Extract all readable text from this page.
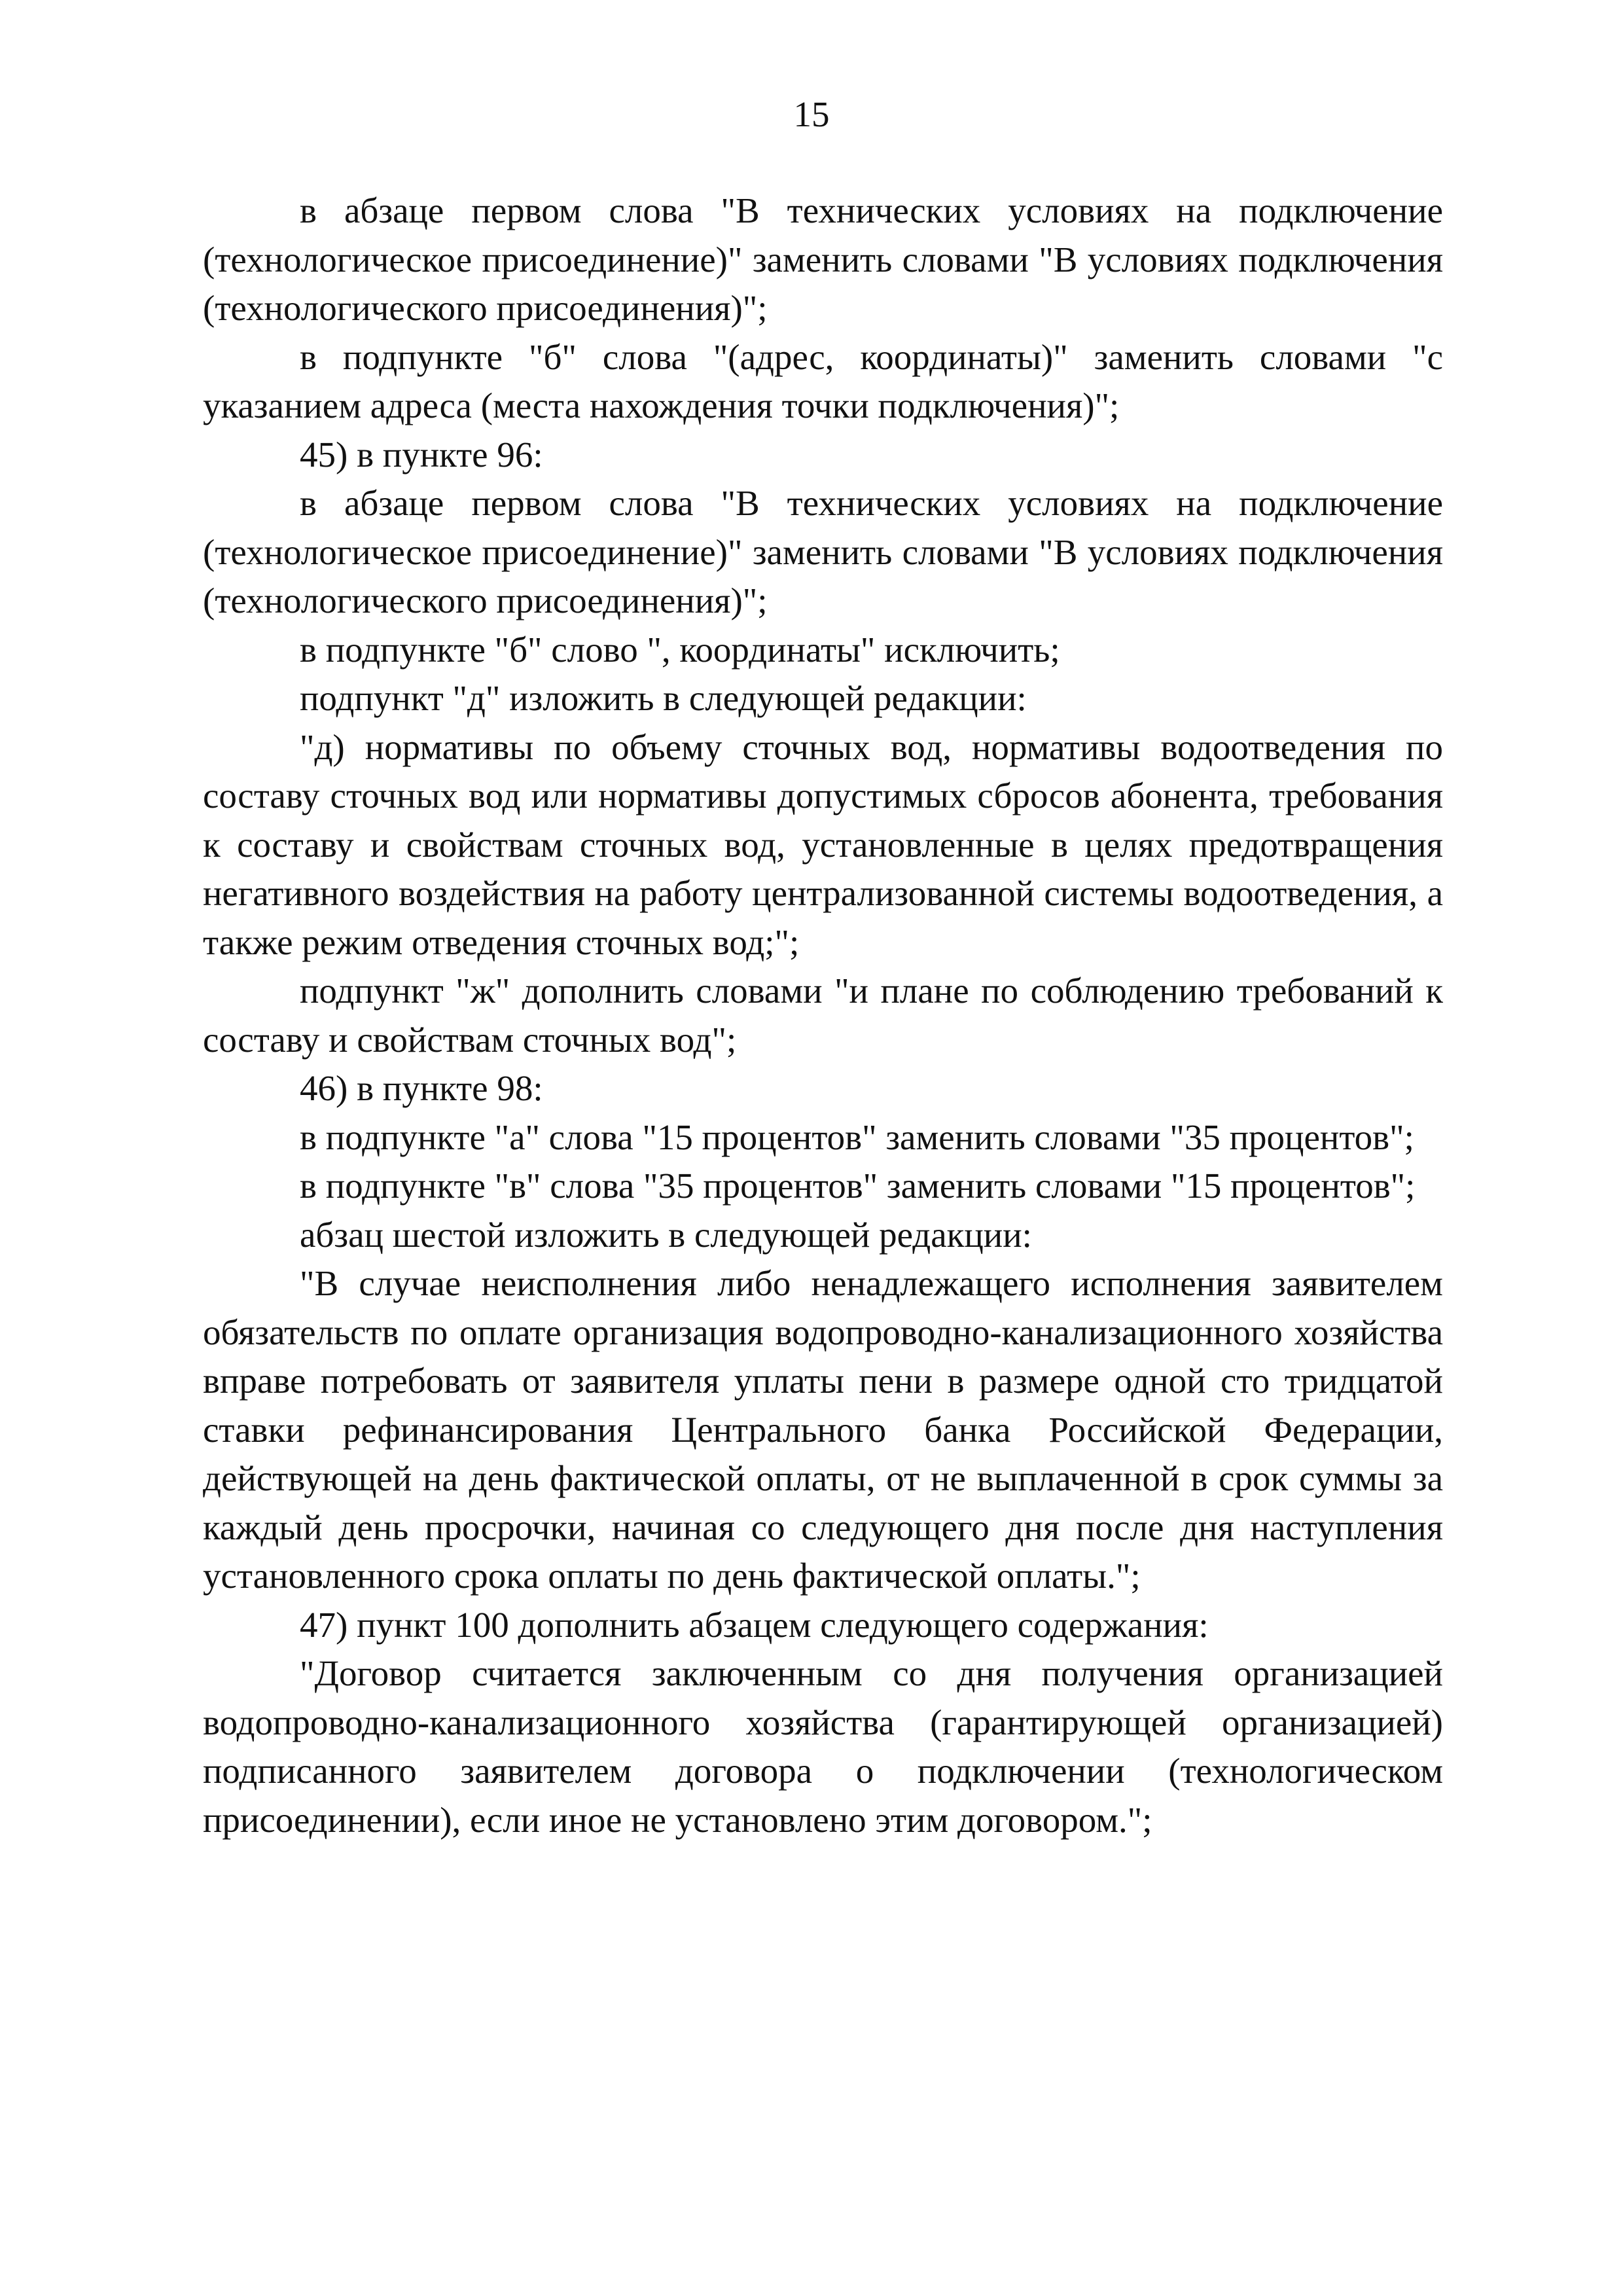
15

в абзаце первом слова "В технических условиях на подключение (технологическое присоединение)" заменить словами "В условиях подключения (технологического присоединения)";

в подпункте "б" слова "(адрес, координаты)" заменить словами "с указанием адреса (места нахождения точки подключения)";

45) в пункте 96:

в абзаце первом слова "В технических условиях на подключение (технологическое присоединение)" заменить словами "В условиях подключения (технологического присоединения)";

в подпункте "б" слово ", координаты" исключить;

подпункт "д" изложить в следующей редакции:

"д) нормативы по объему сточных вод, нормативы водоотведения по составу сточных вод или нормативы допустимых сбросов абонента, требования к составу и свойствам сточных вод, установленные в целях предотвращения негативного воздействия на работу централизованной системы водоотведения, а также режим отведения сточных вод;";

подпункт "ж" дополнить словами "и плане по соблюдению требований к составу и свойствам сточных вод";

46) в пункте 98:

в подпункте "а" слова "15 процентов" заменить словами "35 процентов";

в подпункте "в" слова "35 процентов" заменить словами "15 процентов";

абзац шестой изложить в следующей редакции:

"В случае неисполнения либо ненадлежащего исполнения заявителем обязательств по оплате организация водопроводно-канализационного хозяйства вправе потребовать от заявителя уплаты пени в размере одной сто тридцатой ставки рефинансирования Центрального банка Российской Федерации, действующей на день фактической оплаты, от не выплаченной в срок суммы за каждый день просрочки, начиная со следующего дня после дня наступления установленного срока оплаты по день фактической оплаты.";

47) пункт 100 дополнить абзацем следующего содержания:

"Договор считается заключенным со дня получения организацией водопроводно-канализационного хозяйства (гарантирующей организацией) подписанного заявителем договора о подключении (технологическом присоединении), если иное не установлено этим договором.";
